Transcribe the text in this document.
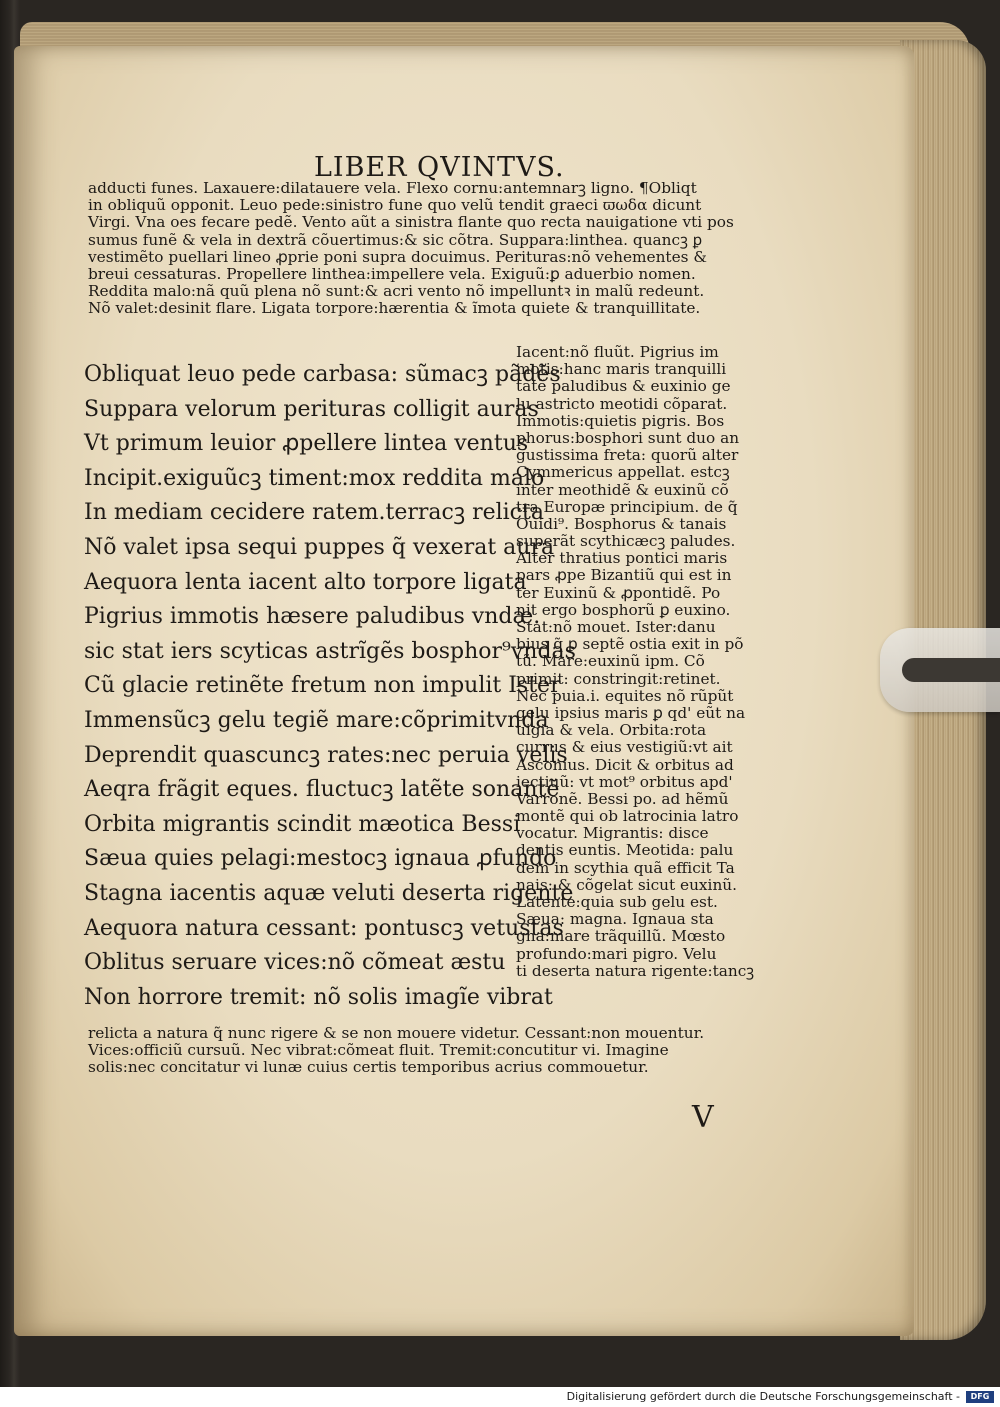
LIBER QVINTVS.
adducti funes. Laxauere:dilatauere vela. Flexo cornu:antemnarꝫ ligno. ¶Obliqt
in obliquũ opponit. Leuo pede:sinistro fune quo velũ tendit graeci ϖωδα dicunt
Virgi. Vna oes fecare pedẽ. Vento aũt a sinistra flante quo recta nauigatione vti pos
sumus funẽ & vela in dextrã cõuertimus:& sic cõtra. Suppara:linthea. quancꝫ ꝑ
vestimẽto puellari lineo ꝓprie poni supra docuimus. Perituras:nõ vehementes &
breui cessaturas. Propellere linthea:impellere vela. Exiguũ:ꝑ aduerbio nomen.
Reddita malo:nã quũ plena nõ sunt:& acri vento nõ impelluntꝛ in malũ redeunt.
Nõ valet:desinit flare. Ligata torpore:hærentia & ĩmota quiete & tranquillitate.
Obliquat leuo pede carbasa: sũmacꝫ pãdẽs
Suppara velorum perituras colligit auras
Vt primum leuior ꝓpellere lintea ventus
Incipit.exiguũcꝫ timent:mox reddita malo
In mediam cecidere ratem.terracꝫ relicta
Nõ valet ipsa sequi puppes q̃ vexerat aura
Aequora lenta iacent alto torpore ligata
Pigrius immotis hæsere paludibus vndæ.
sic stat iers scyticas astrĩgẽs bosphor⁹vndas
Cũ glacie retinẽte fretum non impulit Ister
Immensũcꝫ gelu tegiẽ mare:cõprimitvnda
Deprendit quascuncꝫ rates:nec peruia velis
Aeqra frãgit eques. fluctucꝫ latẽte sonantẽ
Orbita migrantis scindit mæotica Bessi
Sæua quies pelagi:mestocꝫ ignaua ꝓfundo
Stagna iacentis aquæ veluti deserta rigente
Aequora natura cessant: pontuscꝫ vetustas
Oblitus seruare vices:nõ cõmeat æstu
Non horrore tremit: nõ solis imagĩe vibrat
Iacent:nõ fluũt. Pigrius im
motis:hanc maris tranquilli
tatẽ paludibus & euxinio ge
lu astricto meotidi cõparat.
Immotis:quietis pigris. Bos
phorus:bosphori sunt duo an
gustissima freta: quorũ alter
Cymmericus appellat. estcꝫ
inter meothidẽ & euxinũ cõ
tra Europæ principium. de q̃
Ouidi⁹. Bosphorus & tanais
superãt scythicæcꝫ paludes.
Alter thratius pontici maris
pars ꝓpe Bizantiũ qui est in
ter Euxinũ & ꝓpontidẽ. Po
nit ergo bosphorũ ꝑ euxino.
Stat:nõ mouet. Ister:danu
bius q̃ ꝑ septẽ ostia exit in põ
tũ. Mare:euxinũ ipm. Cõ
primit: constringit:retinet.
Nec puia.i. equites nõ rũpũt
gelu ipsius maris ꝑ qd' eũt na
uigia & vela. Orbita:rota
currus & eius vestigiũ:vt ait
Asconius. Dicit & orbitus ad
iectiuũ: vt mot⁹ orbitus apd'
Varronẽ. Bessi po. ad hẽmũ
montẽ qui ob latrocinia latro
vocatur. Migrantis: disce
dentis euntis. Meotida: palu
dem in scythia quã efficit Ta
nais: & cõgelat sicut euxinũ.
Latente:quia sub gelu est.
Sæua: magna. Ignaua sta
gna:mare trãquillũ. Mœsto
profundo:mari pigro. Velu
ti deserta natura rigente:tancꝫ
relicta a natura q̃ nunc rigere & se non mouere videtur. Cessant:non mouentur.
Vices:officiũ cursuũ. Nec vibrat:cõmeat fluit. Tremit:concutitur vi. Imagine
solis:nec concitatur vi lunæ cuius certis temporibus acrius commouetur.
V
Digitalisierung gefördert durch die Deutsche Forschungsgemeinschaft -	DFG
